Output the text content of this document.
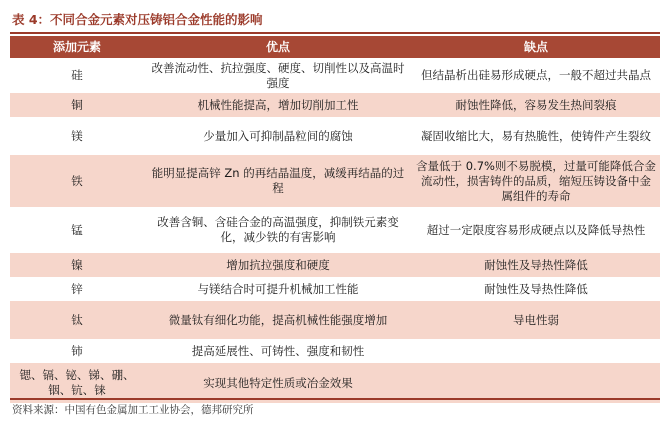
表 4：不同合金元素对压铸铝合金性能的影响
添加元素	优点	缺点
硅	改善流动性、抗拉强度、硬度、切削性以及高温时强度	但结晶析出硅易形成硬点，一般不超过共晶点
铜	机械性能提高，增加切削加工性	耐蚀性降低，容易发生热间裂痕
镁	少量加入可抑制晶粒间的腐蚀	凝固收缩比大，易有热脆性，使铸件产生裂纹
铁	能明显提高锌 Zn 的再结晶温度，减缓再结晶的过程	含量低于 0.7%则不易脱模，过量可能降低合金流动性，损害铸件的品质，缩短压铸设备中金属组件的寿命
锰	改善含铜、含硅合金的高温强度，抑制铁元素变化，减少铁的有害影响	超过一定限度容易形成硬点以及降低导热性
镍	增加抗拉强度和硬度	耐蚀性及导热性降低
锌	与镁结合时可提升机械加工性能	耐蚀性及导热性降低
钛	微量钛有细化功能，提高机械性能强度增加	导电性弱
铈	提高延展性、可铸性、强度和韧性	
锶、镉、铋、锑、硼、铟、钪、铼	实现其他特定性质或冶金效果	
资料来源：中国有色金属加工工业协会，德邦研究所
